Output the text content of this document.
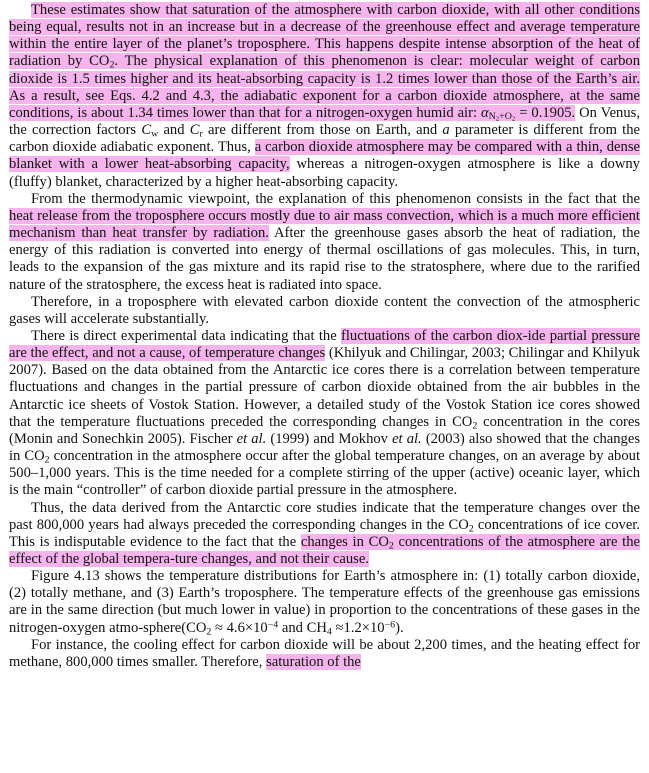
These estimates show that saturation of the atmosphere with carbon dioxide, with all other conditions being equal, results not in an increase but in a decrease of the greenhouse effect and average temperature within the entire layer of the planet’s troposphere. This happens despite intense absorption of the heat of radiation by $CO_2$. The physical explanation of this phenomenon is clear: molecular weight of carbon dioxide is 1.5 times higher and its heat-absorbing capacity is 1.2 times lower than those of the Earth’s air. As a result, see Eqs. 4.2 and 4.3, the adiabatic exponent for a carbon dioxide atmosphere, at the same conditions, is about 1.34 times lower than that for a nitrogen-oxygen humid air: $\alpha_{N_2+O_2} = 0.1905$. On Venus, the correction factors $C_w$ and $C_r$ are different from those on Earth, and a parameter is different from the carbon dioxide adiabatic exponent. Thus, a carbon dioxide atmosphere may be compared with a thin, dense blanket with a lower heat-absorbing capacity, whereas a nitrogen-oxygen atmosphere is like a downy (fluffy) blanket, characterized by a higher heat-absorbing capacity.

From the thermodynamic viewpoint, the explanation of this phenomenon consists in the fact that the heat release from the troposphere occurs mostly due to air mass convection, which is a much more efficient mechanism than heat transfer by radiation. After the greenhouse gases absorb the heat of radiation, the energy of this radiation is converted into energy of thermal oscillations of gas molecules. This, in turn, leads to the expansion of the gas mixture and its rapid rise to the stratosphere, where due to the rarified nature of the stratosphere, the excess heat is radiated into space.

Therefore, in a troposphere with elevated carbon dioxide content the convection of the atmospheric gases will accelerate substantially.

There is direct experimental data indicating that the fluctuations of the carbon diox-ide partial pressure are the effect, and not a cause, of temperature changes (Khilyuk and Chilingar, 2003; Chilingar and Khilyuk 2007). Based on the data obtained from the Antarctic ice cores there is a correlation between temperature fluctuations and changes in the partial pressure of carbon dioxide obtained from the air bubbles in the Antarctic ice sheets of Vostok Station. However, a detailed study of the Vostok Station ice cores showed that the temperature fluctuations preceded the corresponding changes in $CO_2$ concentration in the cores (Monin and Sonechkin 2005). Fischer et al. (1999) and Mokhov et al. (2003) also showed that the changes in $CO_2$ concentration in the atmosphere occur after the global temperature changes, on an average by about 500–1,000 years. This is the time needed for a complete stirring of the upper (active) oceanic layer, which is the main “controller” of carbon dioxide partial pressure in the atmosphere.

Thus, the data derived from the Antarctic core studies indicate that the temperature changes over the past 800,000 years had always preceded the corresponding changes in the $CO_2$ concentrations of ice cover. This is indisputable evidence to the fact that the changes in $CO_2$ concentrations of the atmosphere are the effect of the global tempera-ture changes, and not their cause.

Figure 4.13 shows the temperature distributions for Earth’s atmosphere in: (1) totally carbon dioxide, (2) totally methane, and (3) Earth’s troposphere. The temperature effects of the greenhouse gas emissions are in the same direction (but much lower in value) in proportion to the concentrations of these gases in the nitrogen-oxygen atmo-$sphere(CO_2 \approx 4.6\times 10^{-4}$ and $CH_4 \approx 1.2\times 10^{-6}$).

For instance, the cooling effect for carbon dioxide will be about 2,200 times, and the heating effect for methane, 800,000 times smaller. Therefore, saturation of the
